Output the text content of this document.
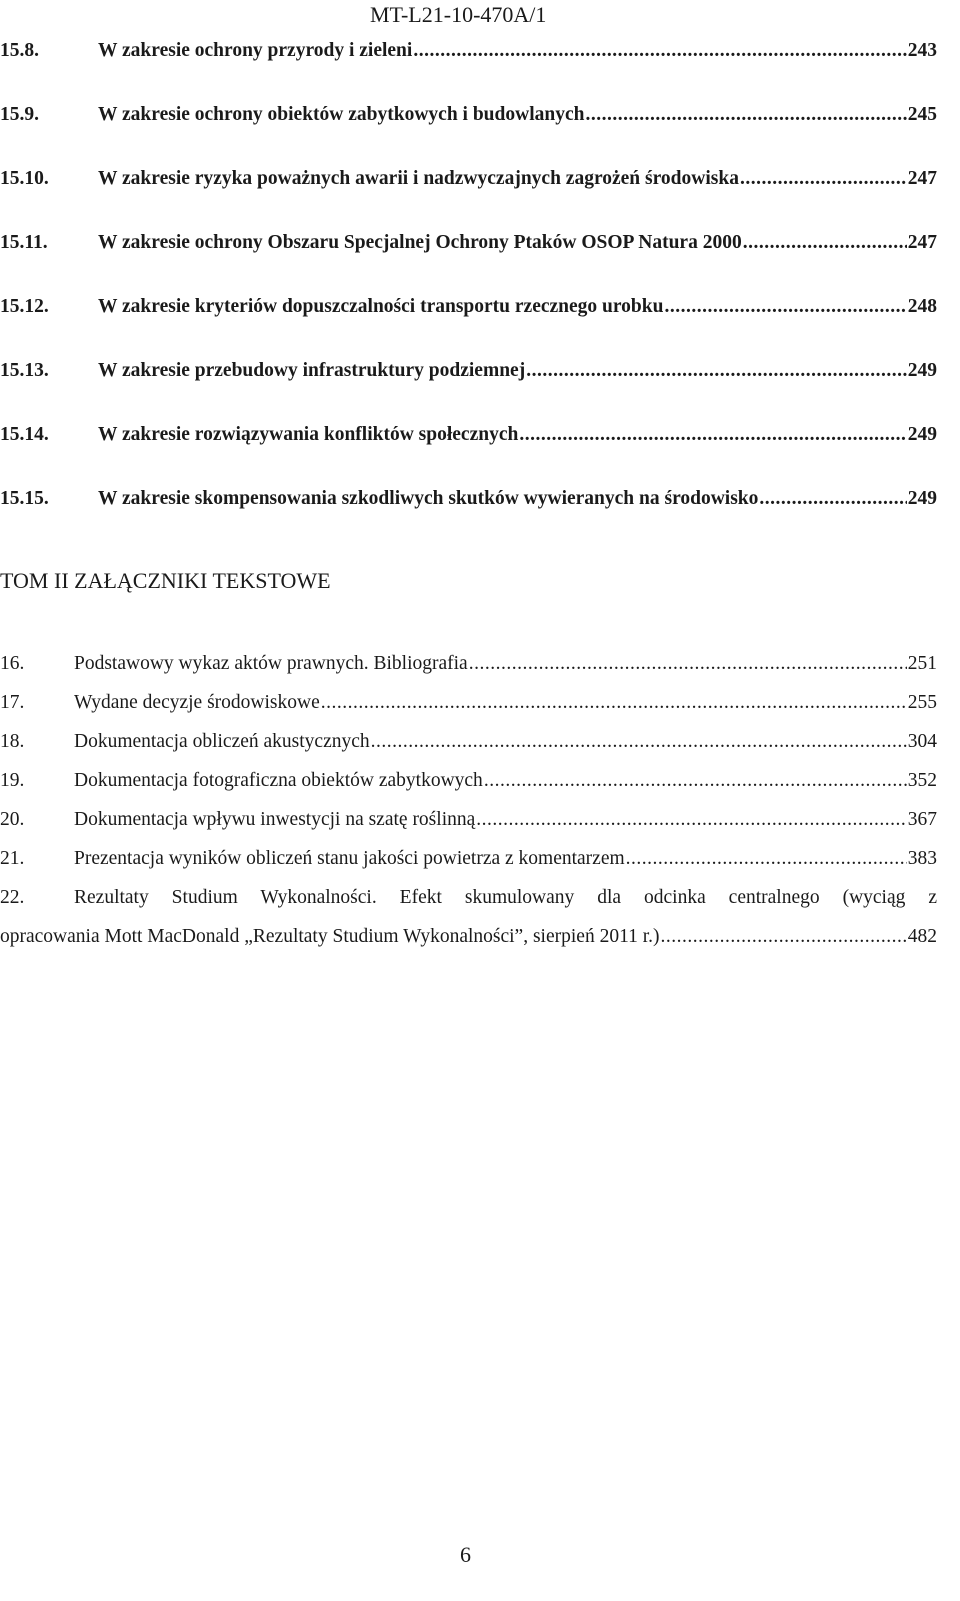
MT-L21-10-470A/1
15.8.	W zakresie ochrony przyrody i zieleni .....	243
15.9.	W zakresie ochrony obiektów zabytkowych i budowlanych .....	245
15.10.	W zakresie ryzyka poważnych awarii i nadzwyczajnych zagrożeń środowiska .....	247
15.11.	W zakresie ochrony Obszaru Specjalnej Ochrony Ptaków OSOP Natura 2000 .....	247
15.12.	W zakresie kryteriów dopuszczalności transportu rzecznego urobku .....	248
15.13.	W zakresie przebudowy infrastruktury podziemnej .....	249
15.14.	W zakresie rozwiązywania konfliktów społecznych .....	249
15.15.	W zakresie skompensowania szkodliwych skutków wywieranych na środowisko .....	249
TOM II ZAŁĄCZNIKI TEKSTOWE
16.	Podstawowy wykaz aktów prawnych. Bibliografia .....	251
17.	Wydane decyzje środowiskowe .....	255
18.	Dokumentacja obliczeń akustycznych .....	304
19.	Dokumentacja fotograficzna obiektów zabytkowych .....	352
20.	Dokumentacja wpływu inwestycji na szatę roślinną .....	367
21.	Prezentacja wyników obliczeń stanu jakości powietrza z komentarzem .....	383
22.	Rezultaty Studium Wykonalności. Efekt skumulowany dla odcinka centralnego (wyciąg z
opracowania Mott MacDonald „Rezultaty Studium Wykonalności”, sierpień 2011 r.) .....	482
6
